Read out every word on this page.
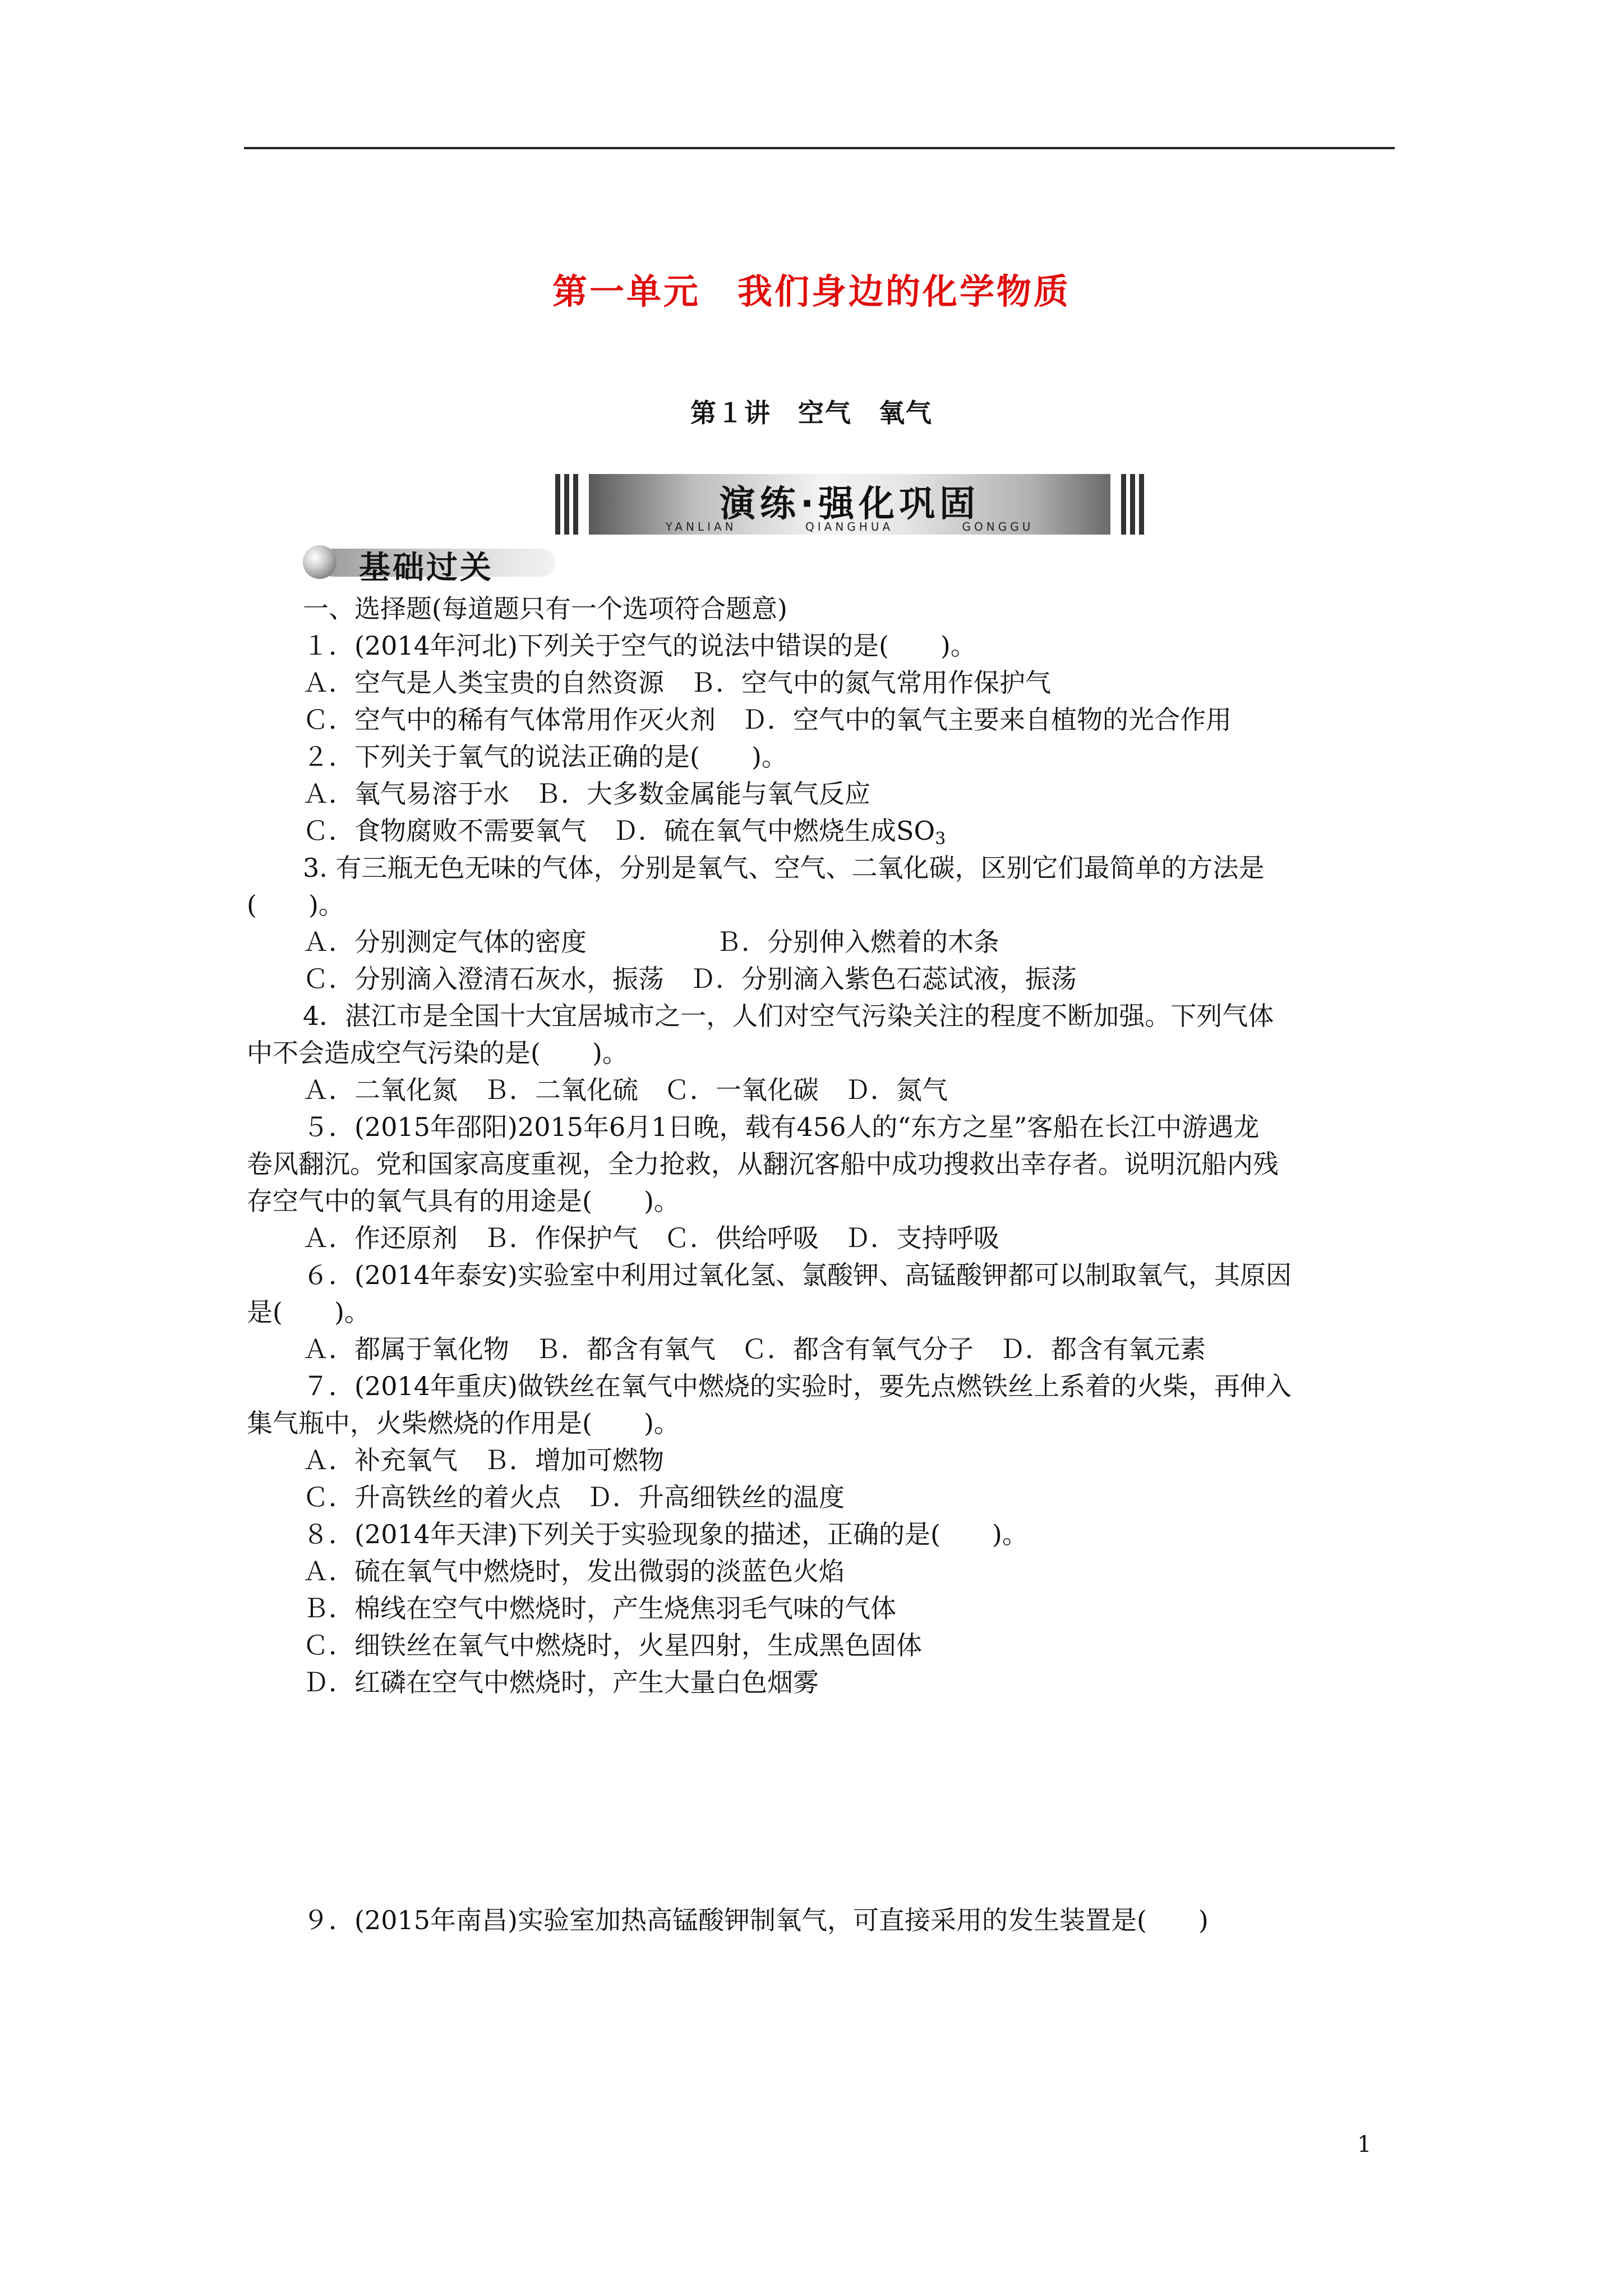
第一单元　我们身边的化学物质
第１讲　空气　氧气
演练·强化巩固
YANLIAN QIANGHUA GONGGU
基础过关
一、选择题(每道题只有一个选项符合题意)
１．(2014年河北)下列关于空气的说法中错误的是(　　)。
Ａ．空气是人类宝贵的自然资源　Ｂ．空气中的氮气常用作保护气
Ｃ．空气中的稀有气体常用作灭火剂　Ｄ．空气中的氧气主要来自植物的光合作用
２．下列关于氧气的说法正确的是(　　)。
Ａ．氧气易溶于水　Ｂ．大多数金属能与氧气反应
Ｃ．食物腐败不需要氧气　Ｄ．硫在氧气中燃烧生成$SO_3$
3. 有三瓶无色无味的气体，分别是氧气、空气、二氧化碳，区别它们最简单的方法是
(　　)。
Ａ．分别测定气体的密度　　　　　Ｂ．分别伸入燃着的木条
Ｃ．分别滴入澄清石灰水，振荡　Ｄ．分别滴入紫色石蕊试液，振荡
4．湛江市是全国十大宜居城市之一，人们对空气污染关注的程度不断加强。下列气体
中不会造成空气污染的是(　　)。
Ａ．二氧化氮　Ｂ．二氧化硫　Ｃ．一氧化碳　Ｄ．氮气
５．(2015年邵阳)2015年6月1日晚，载有456人的“东方之星”客船在长江中游遇龙
卷风翻沉。党和国家高度重视，全力抢救，从翻沉客船中成功搜救出幸存者。说明沉船内残
存空气中的氧气具有的用途是(　　)。
Ａ．作还原剂　Ｂ．作保护气　Ｃ．供给呼吸　Ｄ．支持呼吸
６．(2014年泰安)实验室中利用过氧化氢、氯酸钾、高锰酸钾都可以制取氧气，其原因
是(　　)。
Ａ．都属于氧化物　Ｂ．都含有氧气　Ｃ．都含有氧气分子　Ｄ．都含有氧元素
７．(2014年重庆)做铁丝在氧气中燃烧的实验时，要先点燃铁丝上系着的火柴，再伸入
集气瓶中，火柴燃烧的作用是(　　)。
Ａ．补充氧气　Ｂ．增加可燃物
Ｃ．升高铁丝的着火点　Ｄ．升高细铁丝的温度
８．(2014年天津)下列关于实验现象的描述，正确的是(　　)。
Ａ．硫在氧气中燃烧时，发出微弱的淡蓝色火焰
Ｂ．棉线在空气中燃烧时，产生烧焦羽毛气味的气体
Ｃ．细铁丝在氧气中燃烧时，火星四射，生成黑色固体
Ｄ．红磷在空气中燃烧时，产生大量白色烟雾
９．(2015年南昌)实验室加热高锰酸钾制氧气，可直接采用的发生装置是(　　)
1
